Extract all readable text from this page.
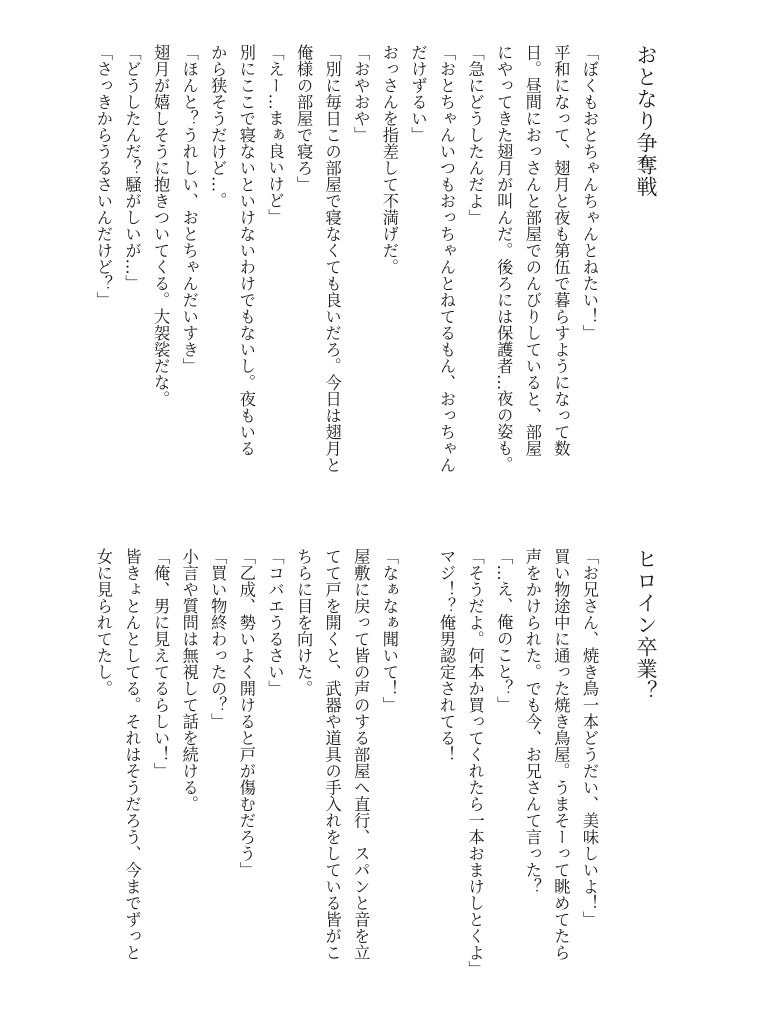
おとなり争奪戦

「ぼくもおとちゃんちゃんとねたい！」

平和になって、翅月と夜も第伍で暮らすようになって数

日。昼間におっさんと部屋でのんびりしていると、部屋

にやってきた翅月が叫んだ。後ろには保護者…夜の姿も。

「急にどうしたんだよ」

「おとちゃんいつもおっちゃんとねてるもん、おっちゃん

だけずるい」

おっさんを指差して不満げだ。

「おやおや」

「別に毎日この部屋で寝なくても良いだろ。今日は翅月と

俺様の部屋で寝ろ」

「えー…まぁ良いけど」

別にここで寝ないといけないわけでもないし。夜もいる

から狭そうだけど…。

「ほんと？うれしい、おとちゃんだいすき」

翅月が嬉しそうに抱きついてくる。大袈裟だな。

「どうしたんだ？騒がしいが…」

「さっきからうるさいんだけど？」

ヒロイン卒業？

「お兄さん、焼き鳥一本どうだい、美味しいよ！」

買い物途中に通った焼き鳥屋。うまそーって眺めてたら

声をかけられた。でも今、お兄さんて言った？

「…え、俺のこと？」

「そうだよ。何本か買ってくれたら一本おまけしとくよ」

マジ！？俺男認定されてる！

「なぁなぁ聞いて！」

屋敷に戻って皆の声のする部屋へ直行、スパンと音を立

てて戸を開くと、武器や道具の手入れをしている皆がこ

ちらに目を向けた。

「コバエうるさい」

「乙成、勢いよく開けると戸が傷むだろう」

「買い物終わったの？」

小言や質問は無視して話を続ける。

「俺、男に見えてるらしい！」

皆きょとんとしてる。それはそうだろう、今までずっと

女に見られてたし。
